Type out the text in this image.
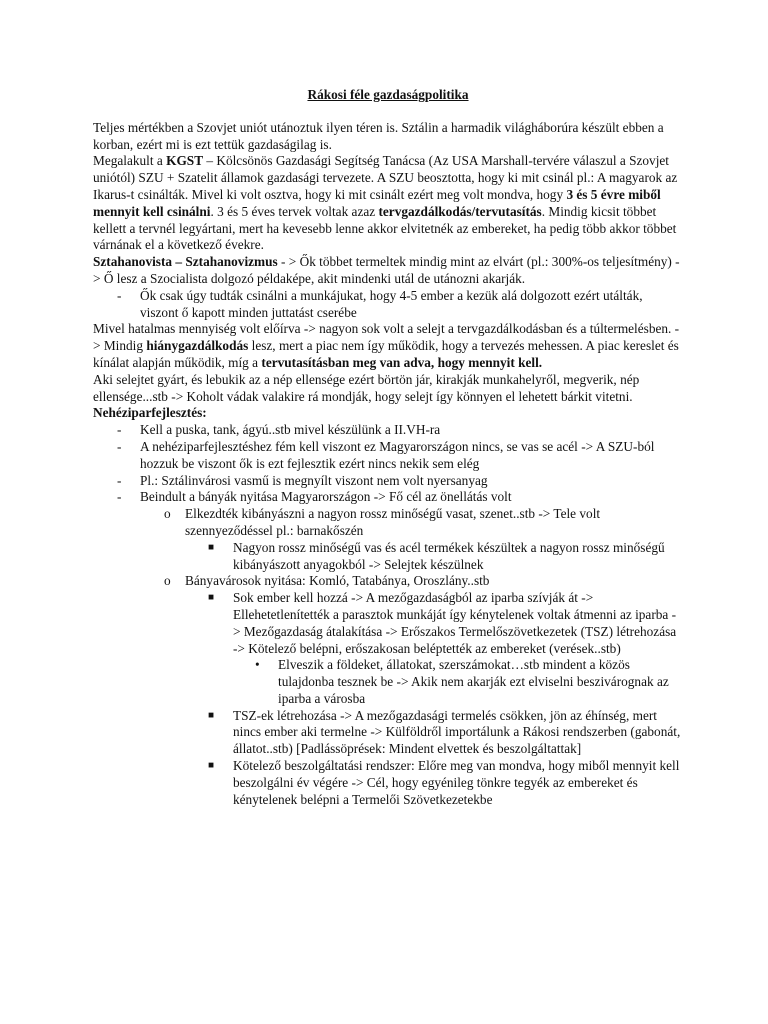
Rákosi féle gazdaságpolitika

Teljes mértékben a Szovjet uniót utánoztuk ilyen téren is. Sztálin a harmadik világháborúra készült ebben a korban, ezért mi is ezt tettük gazdaságilag is.

Megalakult a KGST – Kölcsönös Gazdasági Segítség Tanácsa (Az USA Marshall-tervére válaszul a Szovjet uniótól) SZU + Szatelit államok gazdasági tervezete. A SZU beosztotta, hogy ki mit csinál pl.: A magyarok az Ikarus-t csinálták. Mivel ki volt osztva, hogy ki mit csinált ezért meg volt mondva, hogy 3 és 5 évre miből mennyit kell csinálni. 3 és 5 éves tervek voltak azaz tervgazdálkodás/tervutasítás. Mindig kicsit többet kellett a tervnél legyártani, mert ha kevesebb lenne akkor elvitetnék az embereket, ha pedig több akkor többet várnának el a következő évekre.

Sztahanovista – Sztahanovizmus - > Ők többet termeltek mindig mint az elvárt (pl.: 300%-os teljesítmény) -> Ő lesz a Szocialista dolgozó példaképe, akit mindenki utál de utánozni akarják.

- Ők csak úgy tudták csinálni a munkájukat, hogy 4-5 ember a kezük alá dolgozott ezért utálták, viszont ő kapott minden juttatást cserébe

Mivel hatalmas mennyiség volt előírva -> nagyon sok volt a selejt a tervgazdálkodásban és a túltermelésben. -> Mindig hiánygazdálkodás lesz, mert a piac nem így működik, hogy a tervezés mehessen. A piac kereslet és kínálat alapján működik, míg a tervutasításban meg van adva, hogy mennyit kell.

Aki selejtet gyárt, és lebukik az a nép ellensége ezért börtön jár, kirakják munkahelyről, megverik, nép ellensége...stb -> Koholt vádak valakire rá mondják, hogy selejt így könnyen el lehetett bárkit vitetni.

Nehéziparfejlesztés:

- Kell a puska, tank, ágyú..stb mivel készülünk a II.VH-ra
- A nehéziparfejlesztéshez fém kell viszont ez Magyarországon nincs, se vas se acél -> A SZU-ból hozzuk be viszont ők is ezt fejlesztik ezért nincs nekik sem elég
- Pl.: Sztálinvárosi vasmű is megnyílt viszont nem volt nyersanyag
- Beindult a bányák nyitása Magyarországon -> Fő cél az önellátás volt
o Elkezdték kibányászni a nagyon rossz minőségű vasat, szenet..stb -> Tele volt szennyeződéssel pl.: barnakőszén
■ Nagyon rossz minőségű vas és acél termékek készültek a nagyon rossz minőségű kibányászott anyagokból -> Selejtek készülnek
o Bányavárosok nyitása: Komló, Tatabánya, Oroszlány..stb
■ Sok ember kell hozzá -> A mezőgazdaságból az iparba szívják át -> Ellehetetlenítették a parasztok munkáját így kénytelenek voltak átmenni az iparba -> Mezőgazdaság átalakítása -> Erőszakos Termelőszövetkezetek (TSZ) létrehozása -> Kötelező belépni, erőszakosan beléptették az embereket (verések..stb)
• Elveszik a földeket, állatokat, szerszámokat…stb mindent a közös tulajdonba tesznek be -> Akik nem akarják ezt elviselni beszivárognak az iparba a városba
■ TSZ-ek létrehozása -> A mezőgazdasági termelés csökken, jön az éhínség, mert nincs ember aki termelne -> Külföldről importálunk a Rákosi rendszerben (gabonát, állatot..stb) [Padlássöprések: Mindent elvettek és beszolgáltattak]
■ Kötelező beszolgáltatási rendszer: Előre meg van mondva, hogy miből mennyit kell beszolgálni év végére -> Cél, hogy egyénileg tönkre tegyék az embereket és kénytelenek belépni a Termelői Szövetkezetekbe
